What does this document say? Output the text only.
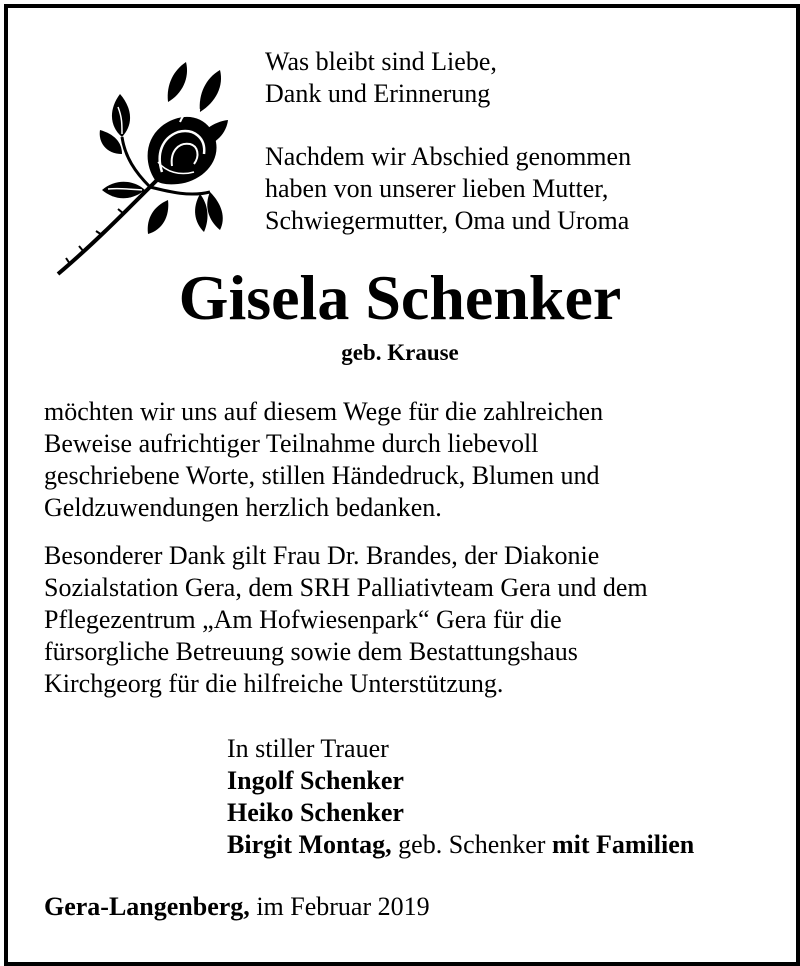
Was bleibt sind Liebe,
Dank und Erinnerung
Nachdem wir Abschied genommen
haben von unserer lieben Mutter,
Schwiegermutter, Oma und Uroma
Gisela Schenker
geb. Krause
möchten wir uns auf diesem Wege für die zahlreichen
Beweise aufrichtiger Teilnahme durch liebevoll
geschriebene Worte, stillen Händedruck, Blumen und
Geldzuwendungen herzlich bedanken.
Besonderer Dank gilt Frau Dr. Brandes, der Diakonie
Sozialstation Gera, dem SRH Palliativteam Gera und dem
Pflegezentrum „Am Hofwiesenpark“ Gera für die
fürsorgliche Betreuung sowie dem Bestattungshaus
Kirchgeorg für die hilfreiche Unterstützung.
In stiller Trauer
Ingolf Schenker
Heiko Schenker
Birgit Montag, geb. Schenker mit Familien
Gera-Langenberg, im Februar 2019
